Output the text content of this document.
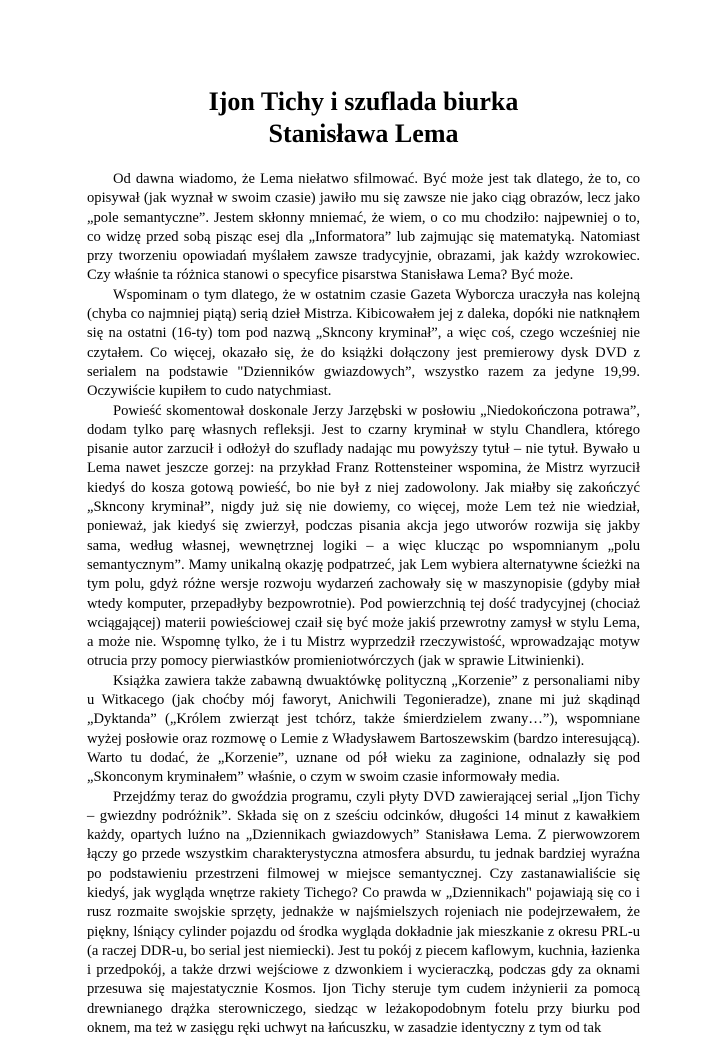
Ijon Tichy i szuflada biurka
Stanisława Lema

Od dawna wiadomo, że Lema niełatwo sfilmować. Być może jest tak dlatego, że to, co opisywał (jak wyznał w swoim czasie) jawiło mu się zawsze nie jako ciąg obrazów, lecz jako „pole semantyczne”. Jestem skłonny mniemać, że wiem, o co mu chodziło: najpewniej o to, co widzę przed sobą pisząc esej dla „Informatora” lub zajmując się matematyką. Natomiast przy tworzeniu opowiadań myślałem zawsze tradycyjnie, obrazami, jak każdy wzrokowiec. Czy właśnie ta różnica stanowi o specyfice pisarstwa Stanisława Lema? Być może.

Wspominam o tym dlatego, że w ostatnim czasie Gazeta Wyborcza uraczyła nas kolejną (chyba co najmniej piątą) serią dzieł Mistrza. Kibicowałem jej z daleka, dopóki nie natknąłem się na ostatni (16-ty) tom pod nazwą „Skncony kryminał”, a więc coś, czego wcześniej nie czytałem. Co więcej, okazało się, że do książki dołączony jest premierowy dysk DVD z serialem na podstawie "Dzienników gwiazdowych”, wszystko razem za jedyne 19,99. Oczywiście kupiłem to cudo natychmiast.

Powieść skomentował doskonale Jerzy Jarzębski w posłowiu „Niedokończona potrawa”, dodam tylko parę własnych refleksji. Jest to czarny kryminał w stylu Chandlera, którego pisanie autor zarzucił i odłożył do szuflady nadając mu powyższy tytuł – nie tytuł. Bywało u Lema nawet jeszcze gorzej: na przykład Franz Rottensteiner wspomina, że Mistrz wyrzucił kiedyś do kosza gotową powieść, bo nie był z niej zadowolony. Jak miałby się zakończyć „Skncony kryminał”, nigdy już się nie dowiemy, co więcej, może Lem też nie wiedział, ponieważ, jak kiedyś się zwierzył, podczas pisania akcja jego utworów rozwija się jakby sama, według własnej, wewnętrznej logiki – a więc klucząc po wspomnianym „polu semantycznym”. Mamy unikalną okazję podpatrzeć, jak Lem wybiera alternatywne ścieżki na tym polu, gdyż różne wersje rozwoju wydarzeń zachowały się w maszynopisie (gdyby miał wtedy komputer, przepadłyby bezpowrotnie). Pod powierzchnią tej dość tradycyjnej (chociaż wciągającej) materii powieściowej czaił się być może jakiś przewrotny zamysł w stylu Lema, a może nie. Wspomnę tylko, że i tu Mistrz wyprzedził rzeczywistość, wprowadzając motyw otrucia przy pomocy pierwiastków promieniotwórczych (jak w sprawie Litwinienki).

Książka zawiera także zabawną dwuaktówkę polityczną „Korzenie” z personaliami niby u Witkacego (jak choćby mój faworyt, Anichwili Tegonieradze), znane mi już skądinąd „Dyktanda” („Królem zwierząt jest tchórz, także śmierdzielem zwany…”), wspomniane wyżej posłowie oraz rozmowę o Lemie z Władysławem Bartoszewskim (bardzo interesującą). Warto tu dodać, że „Korzenie”, uznane od pół wieku za zaginione, odnalazły się pod „Skonconym kryminałem” właśnie, o czym w swoim czasie informowały media.

Przejdźmy teraz do gwoździa programu, czyli płyty DVD zawierającej serial „Ijon Tichy – gwiezdny podróżnik”. Składa się on z sześciu odcinków, długości 14 minut z kawałkiem każdy, opartych luźno na „Dziennikach gwiazdowych” Stanisława Lema. Z pierwowzorem łączy go przede wszystkim charakterystyczna atmosfera absurdu, tu jednak bardziej wyraźna po podstawieniu przestrzeni filmowej w miejsce semantycznej. Czy zastanawialiście się kiedyś, jak wygląda wnętrze rakiety Tichego? Co prawda w „Dziennikach" pojawiają się co i rusz rozmaite swojskie sprzęty, jednakże w najśmielszych rojeniach nie podejrzewałem, że piękny, lśniący cylinder pojazdu od środka wygląda dokładnie jak mieszkanie z okresu PRL-u (a raczej DDR-u, bo serial jest niemiecki). Jest tu pokój z piecem kaflowym, kuchnia, łazienka i przedpokój, a także drzwi wejściowe z dzwonkiem i wycieraczką, podczas gdy za oknami przesuwa się majestatycznie Kosmos. Ijon Tichy steruje tym cudem inżynierii za pomocą drewnianego drążka sterowniczego, siedząc w leżakopodobnym fotelu przy biurku pod oknem, ma też w zasięgu ręki uchwyt na łańcuszku, w zasadzie identyczny z tym od tak
